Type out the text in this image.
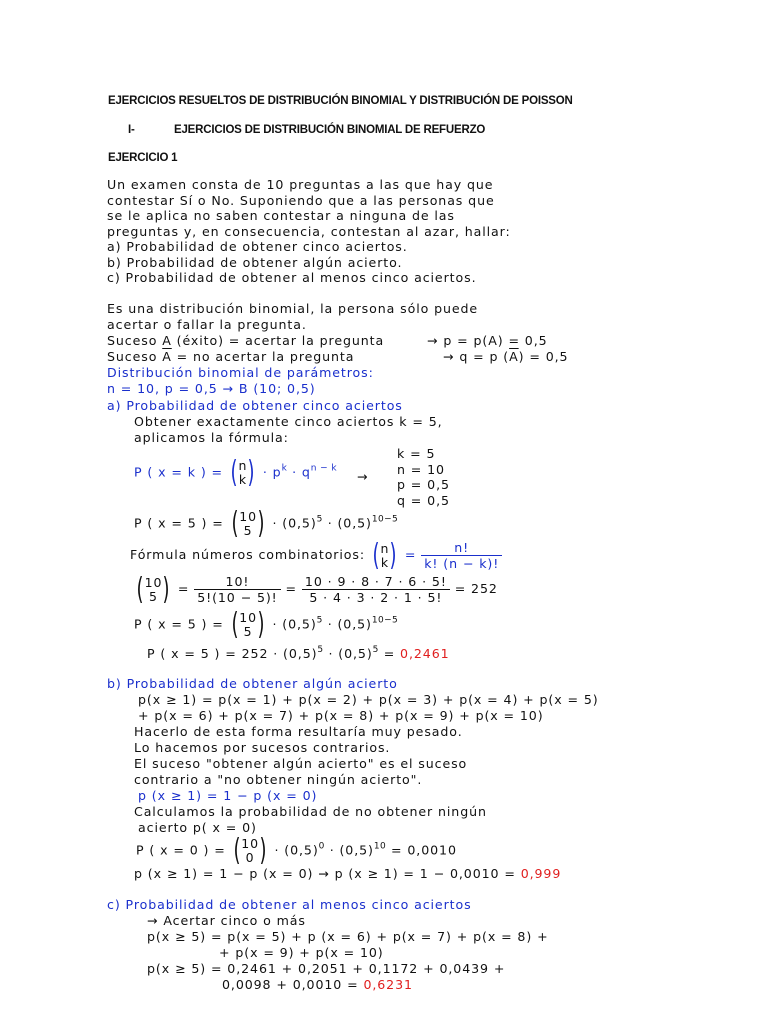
EJERCICIOS RESUELTOS DE DISTRIBUCIÓN BINOMIAL Y DISTRIBUCIÓN DE POISSON
I-	EJERCICIOS DE DISTRIBUCIÓN BINOMIAL DE REFUERZO
EJERCICIO 1
Un examen consta de 10 preguntas a las que hay que
contestar Sí o No. Suponiendo que a las personas que
se le aplica no saben contestar a ninguna de las
preguntas y, en consecuencia, contestan al azar, hallar:
a) Probabilidad de obtener cinco aciertos.
b) Probabilidad de obtener algún acierto.
c) Probabilidad de obtener al menos cinco aciertos.
Es una distribución binomial, la persona sólo puede
acertar o fallar la pregunta.
Suceso A (éxito) = acertar la pregunta	→ p = p(A) = 0,5
Suceso $\overline{A}$ = no acertar la pregunta	→ q = p $(\overline{A}) = 0,5$
Distribución binomial de parámetros:
n = 10, p = 0,5 → B (10; 0,5)
a) Probabilidad de obtener cinco aciertos
Obtener exactamente cinco aciertos k = 5,
aplicamos la fórmula:
P ( x = k ) = ( n
k ) · $p^k \cdot q^{n - k}$
→
k = 5
n = 10
p = 0,5
q = 0,5
P ( x = 5 ) = ( 10
5 ) · $(0,5)^5 \cdot (0,5)^{10-5}$
Fórmula números combinatorios: ( n
k ) = $\frac{n!}{k! (n - k)!}$
( 10
5 ) = $\frac{10!}{5!(10 - 5)!} = \frac{10 \cdot 9 \cdot 8 \cdot 7 \cdot 6 \cdot 5!}{5 \cdot 4 \cdot 3 \cdot 2 \cdot 1 \cdot 5!} = 252$
P ( x = 5 ) = ( 10
5 ) · $(0,5)^5 \cdot (0,5)^{10-5}$
P ( x = 5 ) = $252 \cdot (0,5)^5 \cdot (0,5)^5 = 0,2461$
b) Probabilidad de obtener algún acierto
p(x ≥ 1) = p(x = 1) + p(x = 2) + p(x = 3) + p(x = 4) + p(x = 5)
+ p(x = 6) + p(x = 7) + p(x = 8) + p(x = 9) + p(x = 10)
Hacerlo de esta forma resultaría muy pesado.
Lo hacemos por sucesos contrarios.
El suceso "obtener algún acierto" es el suceso
contrario a "no obtener ningún acierto".
p (x ≥ 1) = 1 − p (x = 0)
Calculamos la probabilidad de no obtener ningún
acierto p( x = 0)
P ( x = 0 ) = ( 10
0 ) · $(0,5)^0 \cdot (0,5)^{10} = 0,0010$
p (x ≥ 1) = 1 − p (x = 0) → p (x ≥ 1) = 1 − 0,0010 = 0,999
c) Probabilidad de obtener al menos cinco aciertos
→ Acertar cinco o más
p(x ≥ 5) = p(x = 5) + p (x = 6) + p(x = 7) + p(x = 8) +
+ p(x = 9) + p(x = 10)
p(x ≥ 5) = 0,2461 + 0,2051 + 0,1172 + 0,0439 +
0,0098 + 0,0010 = 0,6231
